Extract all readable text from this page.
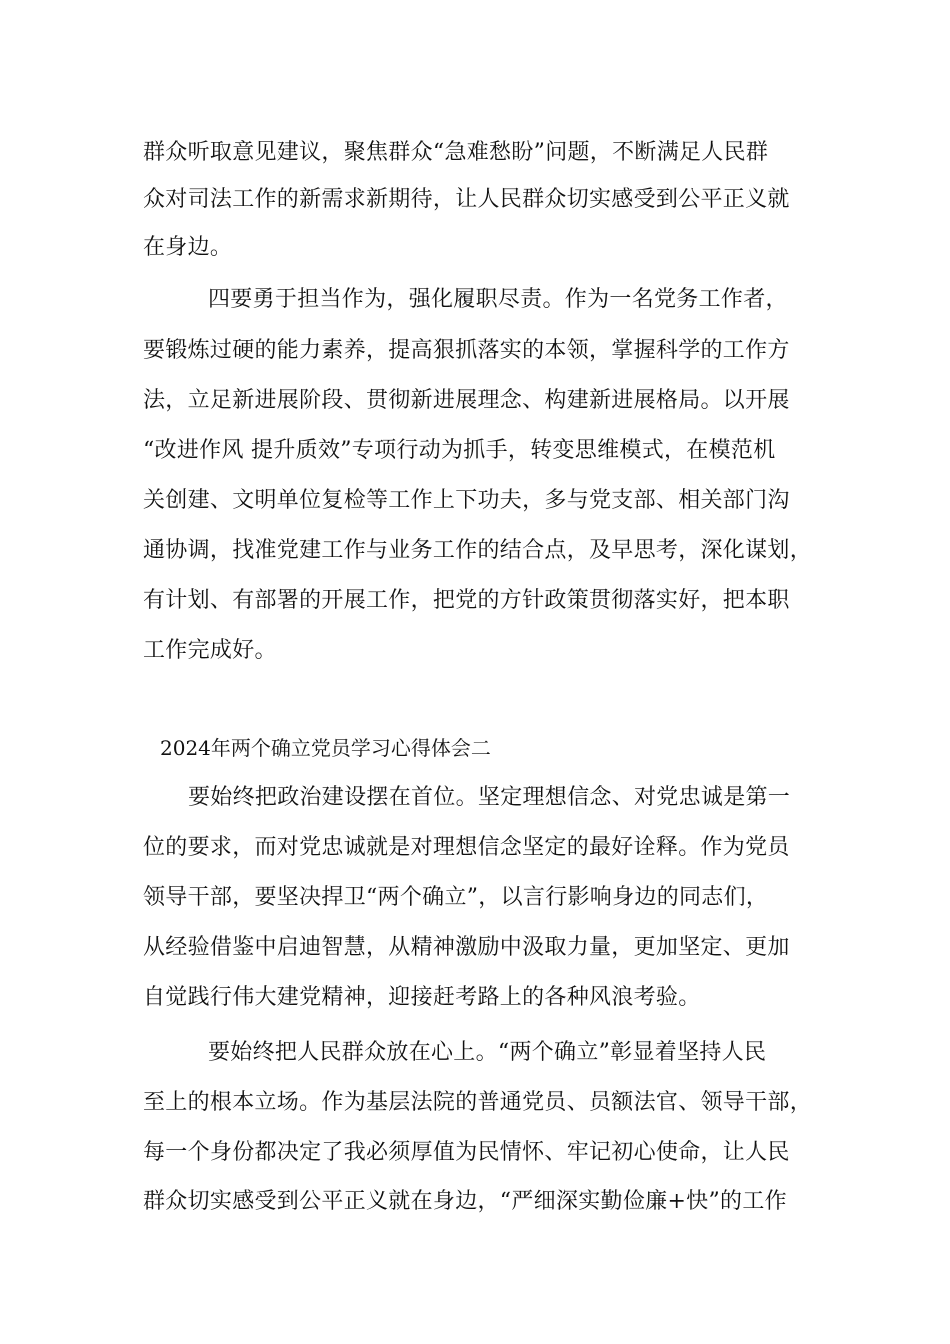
群众听取意见建议，聚焦群众“急难愁盼”问题，不断满足人民群
众对司法工作的新需求新期待，让人民群众切实感受到公平正义就
在身边。
四要勇于担当作为，强化履职尽责。作为一名党务工作者，
要锻炼过硬的能力素养，提高狠抓落实的本领，掌握科学的工作方
法，立足新进展阶段、贯彻新进展理念、构建新进展格局。以开展
“改进作风 提升质效”专项行动为抓手，转变思维模式，在模范机
关创建、文明单位复检等工作上下功夫，多与党支部、相关部门沟
通协调，找准党建工作与业务工作的结合点，及早思考，深化谋划，
有计划、有部署的开展工作，把党的方针政策贯彻落实好，把本职
工作完成好。
2024年两个确立党员学习心得体会二
要始终把政治建设摆在首位。坚定理想信念、对党忠诚是第一
位的要求，而对党忠诚就是对理想信念坚定的最好诠释。作为党员
领导干部，要坚决捍卫“两个确立”，以言行影响身边的同志们，
从经验借鉴中启迪智慧，从精神激励中汲取力量，更加坚定、更加
自觉践行伟大建党精神，迎接赶考路上的各种风浪考验。
要始终把人民群众放在心上。“两个确立”彰显着坚持人民
至上的根本立场。作为基层法院的普通党员、员额法官、领导干部，
每一个身份都决定了我必须厚值为民情怀、牢记初心使命，让人民
群众切实感受到公平正义就在身边，“严细深实勤俭廉+快”的工作
